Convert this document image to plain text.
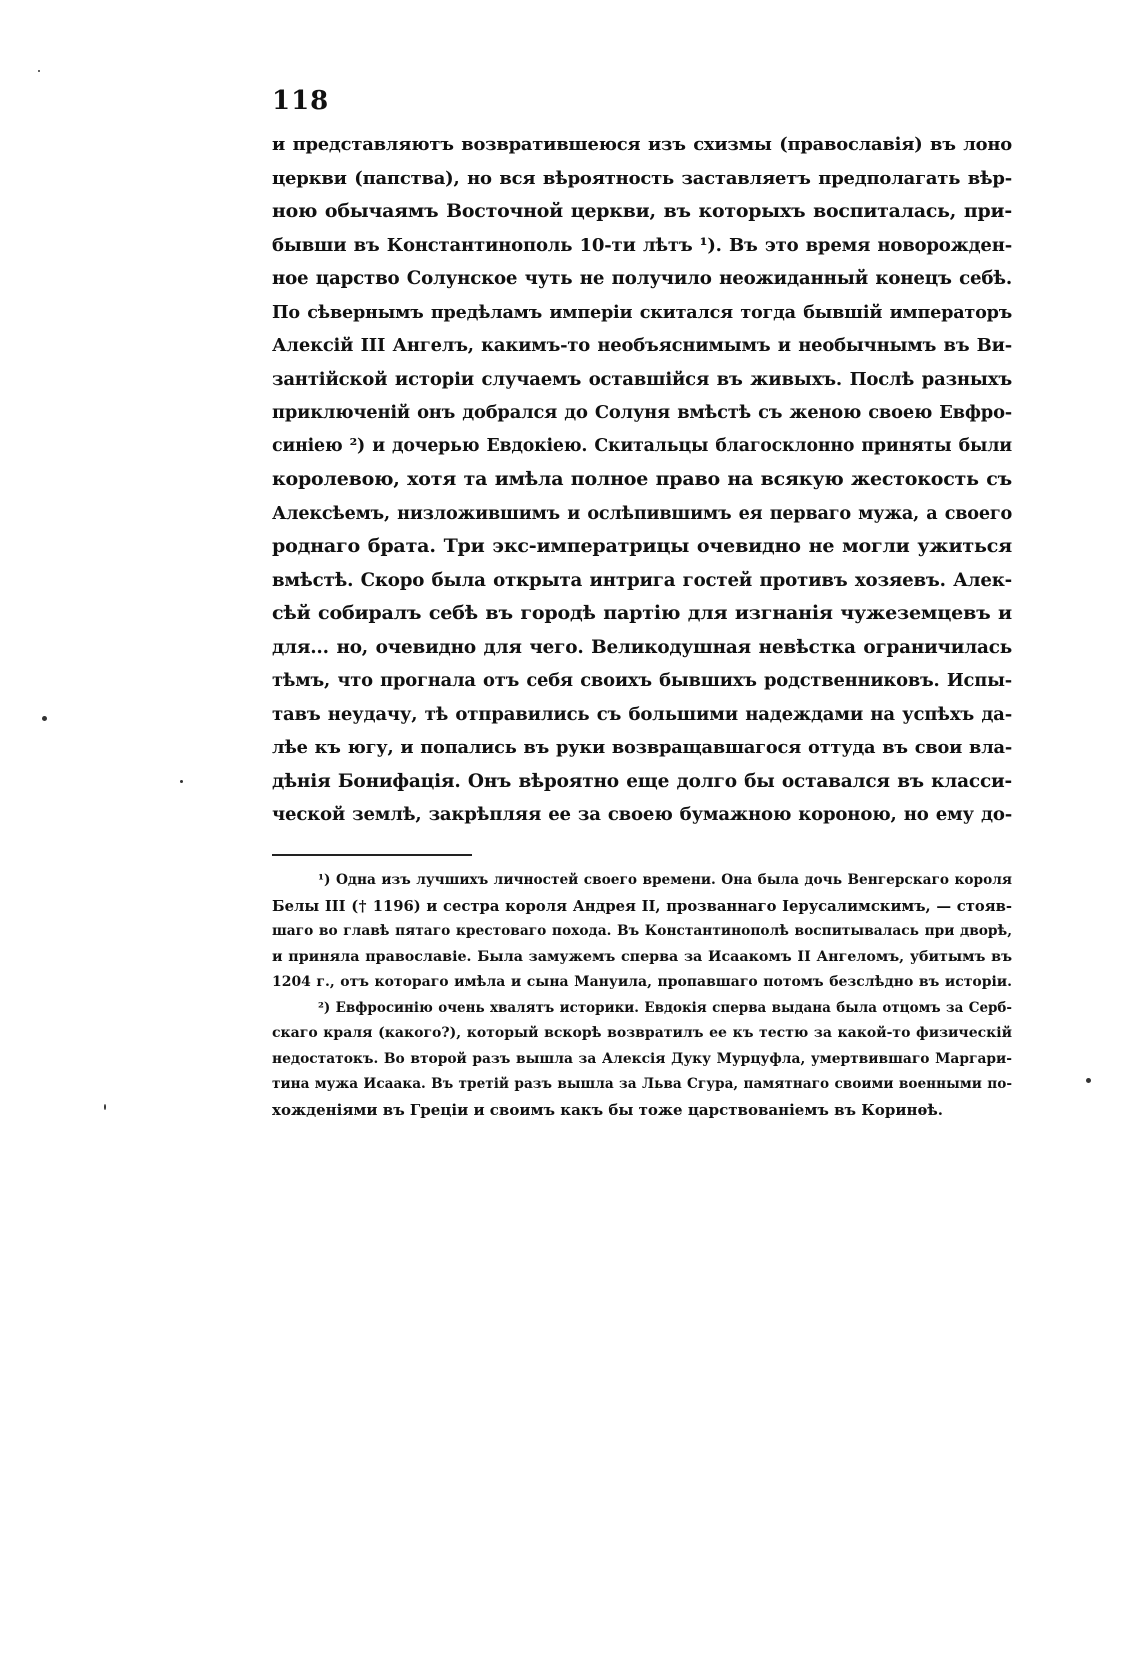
118
и представляютъ возвратившеюся изъ схизмы (православія) въ лоно
церкви (папства), но вся вѣроятность заставляетъ предполагать вѣр-
ною обычаямъ Восточной церкви, въ которыхъ воспиталась, при-
бывши въ Константинополь 10-ти лѣтъ ¹). Въ это время новорожден-
ное царство Солунское чуть не получило неожиданный конецъ себѣ.
По сѣвернымъ предѣламъ имперіи скитался тогда бывшій императоръ
Алексій III Ангелъ, какимъ-то необъяснимымъ и необычнымъ въ Ви-
зантійской исторіи случаемъ оставшійся въ живыхъ. Послѣ разныхъ
приключеній онъ добрался до Солуня вмѣстѣ съ женою своею Евфро-
синіею ²) и дочерью Евдокіею. Скитальцы благосклонно приняты были
королевою, хотя та имѣла полное право на всякую жестокость съ
Алексѣемъ, низложившимъ и ослѣпившимъ ея перваго мужа, а своего
роднаго брата. Три экс-императрицы очевидно не могли ужиться
вмѣстѣ. Скоро была открыта интрига гостей противъ хозяевъ. Алек-
сѣй собиралъ себѣ въ городѣ партію для изгнанія чужеземцевъ и
для... но, очевидно для чего. Великодушная невѣстка ограничилась
тѣмъ, что прогнала отъ себя своихъ бывшихъ родственниковъ. Испы-
тавъ неудачу, тѣ отправились съ большими надеждами на успѣхъ да-
лѣе къ югу, и попались въ руки возвращавшагося оттуда въ свои вла-
дѣнія Бонифація. Онъ вѣроятно еще долго бы оставался въ класси-
ческой землѣ, закрѣпляя ее за своею бумажною короною, но ему до-
¹) Одна изъ лучшихъ личностей своего времени. Она была дочь Венгерскаго короля
Белы III († 1196) и сестра короля Андрея II, прозваннаго Іерусалимскимъ, — стояв-
шаго во главѣ пятаго крестоваго похода. Въ Константинополѣ воспитывалась при дворѣ,
и приняла православіе. Была замужемъ сперва за Исаакомъ II Ангеломъ, убитымъ въ
1204 г., отъ котораго имѣла и сына Мануила, пропавшаго потомъ безслѣдно въ исторіи.
²) Евфросинію очень хвалятъ историки. Евдокія сперва выдана была отцомъ за Серб-
скаго краля (какого?), который вскорѣ возвратилъ ее къ тестю за какой-то физическій
недостатокъ. Во второй разъ вышла за Алексія Дуку Мурцуфла, умертвившаго Маргари-
тина мужа Исаака. Въ третій разъ вышла за Льва Сгура, памятнаго своими военными по-
хожденіями въ Греціи и своимъ какъ бы тоже царствованіемъ въ Коринѳѣ.
